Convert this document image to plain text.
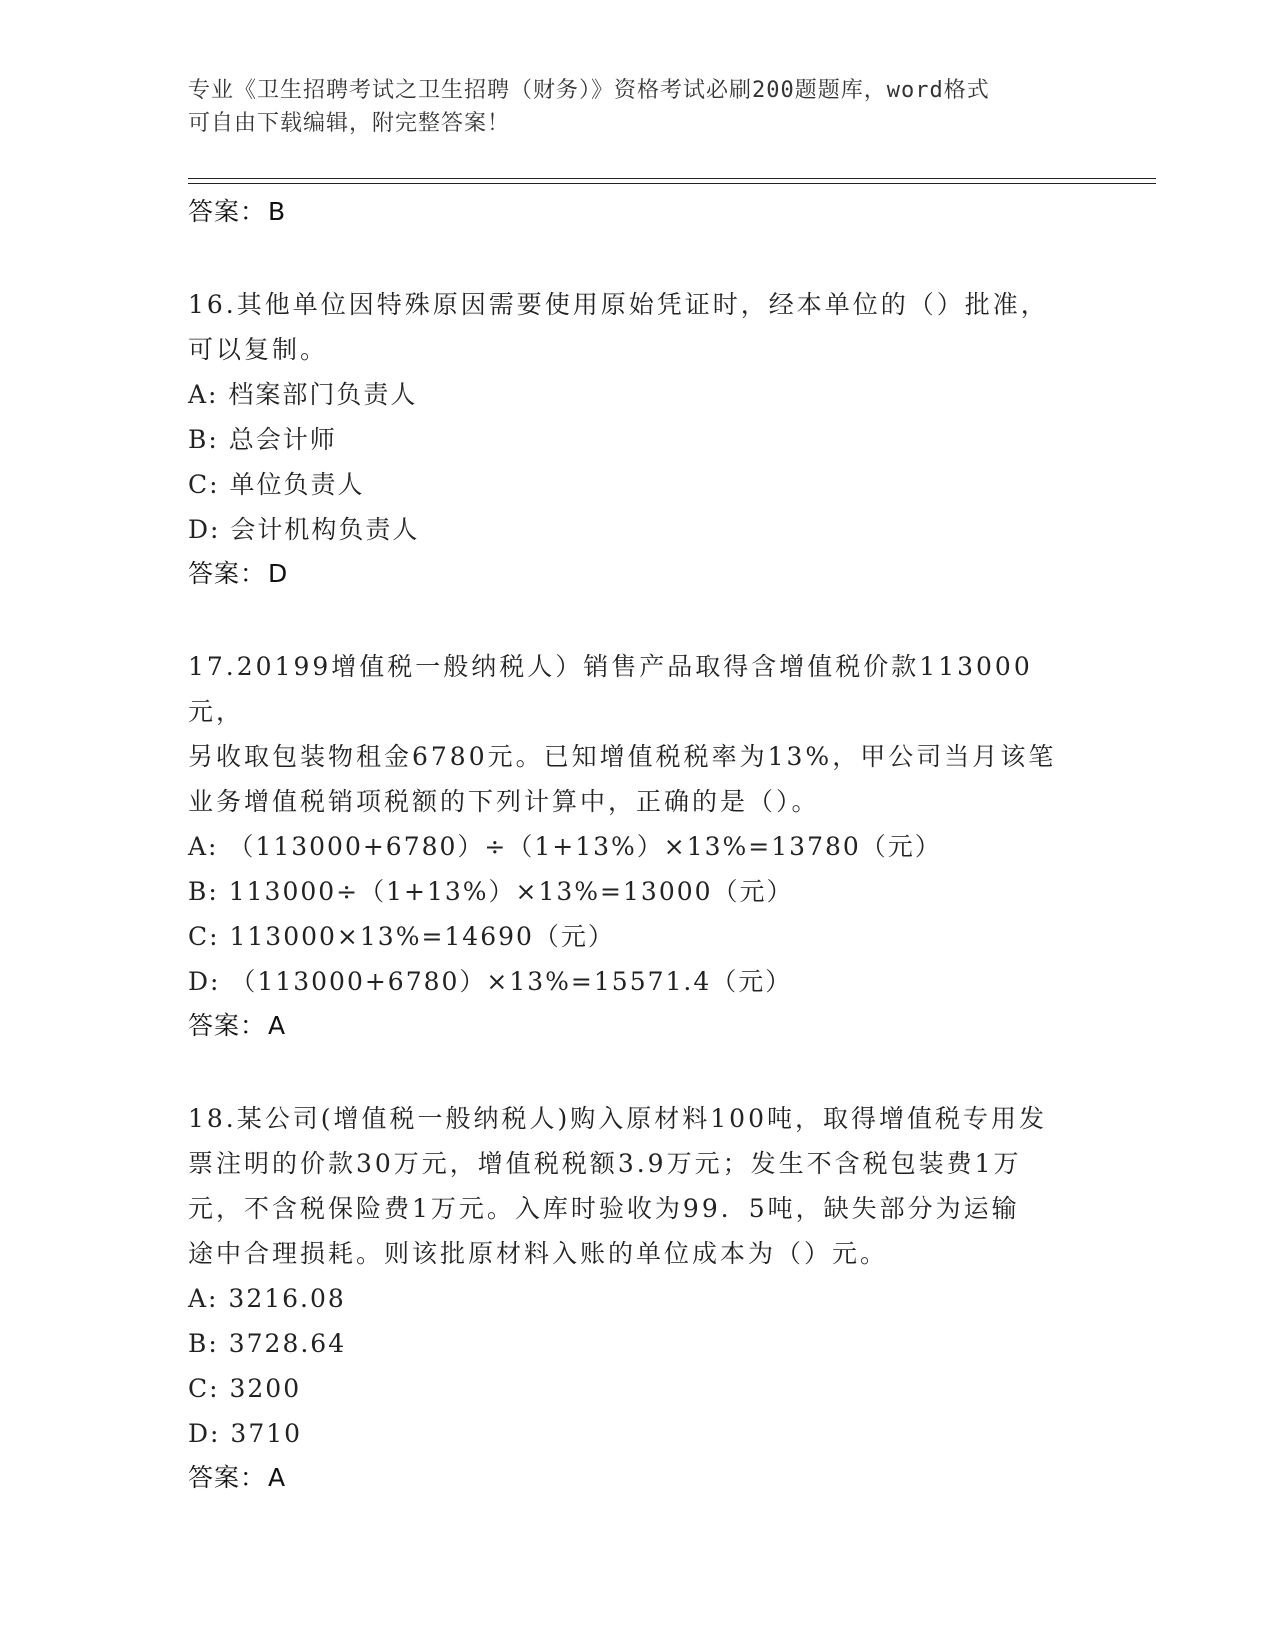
专业《卫生招聘考试之卫生招聘（财务）》资格考试必刷200题题库，word格式
可自由下载编辑，附完整答案！
答案：B
16.其他单位因特殊原因需要使用原始凭证时，经本单位的（）批准，
可以复制。
A: 档案部门负责人
B: 总会计师
C: 单位负责人
D: 会计机构负责人
答案：D
17.20199增值税一般纳税人）销售产品取得含增值税价款113000元，
另收取包装物租金6780元。已知增值税税率为13%，甲公司当月该笔
业务增值税销项税额的下列计算中，正确的是（）。
A: （113000+6780）÷（1+13%）×13%=13780（元）
B: 113000÷（1+13%）×13%=13000（元）
C: 113000×13%=14690（元）
D: （113000+6780）×13%=15571.4（元）
答案：A
18.某公司(增值税一般纳税人)购入原材料100吨，取得增值税专用发
票注明的价款30万元，增值税税额3.9万元；发生不含税包装费1万
元，不含税保险费1万元。入库时验收为99．5吨，缺失部分为运输
途中合理损耗。则该批原材料入账的单位成本为（）元。
A: 3216.08
B: 3728.64
C: 3200
D: 3710
答案：A
